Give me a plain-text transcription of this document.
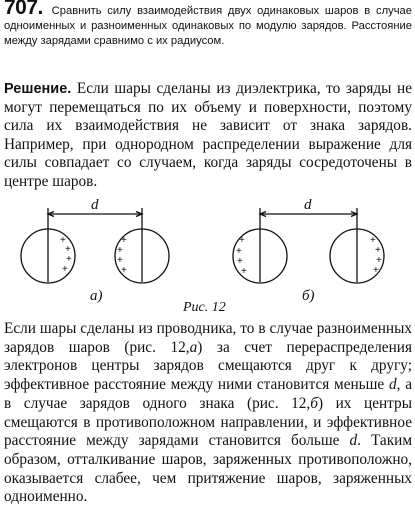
707. Сравнить силу взаимодействия двух одинаковых шаров в случае одноименных и разноименных одинаковых по модулю зарядов. Расстояние между зарядами сравнимо с их радиусом.
Решение. Если шары сделаны из диэлектрика, то заряды не могут перемещаться по их объему и поверхности, поэтому сила их взаимодействия не зависит от знака зарядов. Например, при однородном распределении выражение для силы совпадает со случаем, когда заряды сосредоточены в центре шаров.
d	d
+
+
+
+
+
+
+
+
+
+
+
+
+
+
+
+
а)	б)
Рис. 12
Если шары сделаны из проводника, то в случае разноименных зарядов шаров (рис. 12,а) за счет перераспределения электронов центры зарядов смещаются друг к другу; эффективное расстояние между ними становится меньше d, а в случае зарядов одного знака (рис. 12,б) их центры смещаются в противоположном направлении, и эффективное расстояние между зарядами становится больше d. Таким образом, отталкивание шаров, заряженных противоположно, оказывается слабее, чем притяжение шаров, заряженных одноименно.
